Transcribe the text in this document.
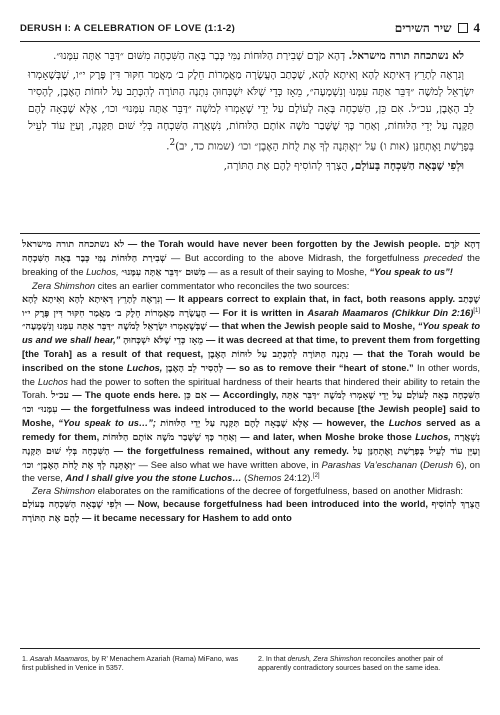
DERUSH I: A CELEBRATION OF LOVE (1:1-2)	שיר השירים 4

לא נשתכחה תורה מישראל. דְהָא קֹדֶם שְׁבִירַת הַלּוּחוֹת נַמִּי כְּבָר בָּאָה הַשִּׁכְחָה מִשּׁוּם ״דַּבֵּר אַתָּה עִמָּנוּ״.

וְנִרְאֶה לְתָרֵץ דְּאִיתָא לְהָא וְאִיתָא לְהָא, שֶׁכָּתַב הָעֲשָׂרָה מַאֲמָרוֹת חֵלֶק ב׳ מַאֲמַר חִקּוּר דִּין פֶּרֶק י״ו, שֶׁבְּשֶׁאָמְרוּ יִשְׂרָאֵל לְמֹשֶׁה ״דַּבֵּר אַתָּה עִמָּנוּ וְנִשְׁמָעָה״, מֵאָז כְּדֵי שֶׁלֹּא יִשְׁכְּחוּהָ נִתְנָה הַתּוֹרָה לְהִכָּתֵב עַל לוּחוֹת הָאֶבֶן, לְהָסִיר לֵב הָאֶבֶן, עכ״ל. אִם כֵּן, הַשִּׁכְחָה בָּאָה לָעוֹלָם עַל יְדֵי שֶׁאָמְרוּ לְמֹשֶׁה ״דַּבֵּר אַתָּה עִמָּנוּ״ וכו׳, אֶלָּא שֶׁבָּאָה לָהֶם תַּקָּנָה עַל יְדֵי הַלּוּחוֹת, וְאַחַר כָּךְ שֶׁשָּׁבַר מֹשֶׁה אוֹתָם הַלּוּחוֹת, נִשְׁאֲרָה הַשִּׁכְחָה בְּלִי שׁוּם תַּקָּנָה, וְעַיֵּן עוֹד לְעֵיל בְּפָרָשַׁת וָאֶתְחַנַּן (אות ו) עַל ״וְאֶתְּנָה לְךָ אֶת לֻחֹת הָאֶבֶן״ וכו׳ (שמות כד, יב)$^2$.

וּלְפִי שֶׁבָּאָה הַשִּׁכְחָה בָּעוֹלָם, הֻצְרַךְ לְהוֹסִיף לָהֶם אֶת הַתּוֹרָה,

לא נשתכחה תורה מישראל — the Torah would have never been forgotten by the Jewish people. דְהָא קֹדֶם שְׁבִירַת הַלּוּחוֹת נַמִּי כְּבָר בָּאָה הַשִּׁכְחָה — But according to the above Midrash, the forgetfulness preceded the breaking of the Luchos, מִשּׁוּם ״דַּבֵּר אַתָּה עִמָּנוּ״ — as a result of their saying to Moshe, “You speak to us”!

Zera Shimshon cites an earlier commentator who reconciles the two sources:

וְנִרְאֶה לְתָרֵץ דְּאִיתָא לְהָא וְאִיתָא לְהָא — It appears correct to explain that, in fact, both reasons apply. שֶׁכָּתַב הָעֲשָׂרָה מַאֲמָרוֹת חֵלֶק ב׳ מַאֲמַר חִקּוּר דִּין פֶּרֶק י״ו — For it is written in Asarah Maamaros (Chikkur Din 2:16)[1] שֶׁבְּשֶׁאָמְרוּ יִשְׂרָאֵל לְמֹשֶׁה ״דַּבֵּר אַתָּה עִמָּנוּ וְנִשְׁמָעָה״ — that when the Jewish people said to Moshe, “You speak to us and we shall hear,” מֵאָז כְּדֵי שֶׁלֹּא יִשְׁכְּחוּהָ — it was decreed at that time, to prevent them from forgetting [the Torah] as a result of that request, נִתְנָה הַתּוֹרָה לְהִכָּתֵב עַל לוּחוֹת הָאֶבֶן — that the Torah would be inscribed on the stone Luchos, לְהָסִיר לֵב הָאֶבֶן — so as to remove their “heart of stone.” In other words, the Luchos had the power to soften the spiritual hardness of their hearts that hindered their ability to retain the Torah. עכ״ל — The quote ends here. אִם כֵּן — Accordingly, הַשִּׁכְחָה בָּאָה לָעוֹלָם עַל יְדֵי שֶׁאָמְרוּ לְמֹשֶׁה ״דַּבֵּר אַתָּה עִמָּנוּ״ וכו׳ — the forgetfulness was indeed introduced to the world because [the Jewish people] said to Moshe, “You speak to us…”; אֶלָּא שֶׁבָּאָה לָהֶם תַּקָּנָה עַל יְדֵי הַלּוּחוֹת — however, the Luchos served as a remedy for them, וְאַחַר כָּךְ שֶׁשָּׁבַר מֹשֶׁה אוֹתָם הַלּוּחוֹת — and later, when Moshe broke those Luchos, נִשְׁאֲרָה הַשִּׁכְחָה בְּלִי שׁוּם תַּקָּנָה — the forgetfulness remained, without any remedy. וְעַיֵּן עוֹד לְעֵיל בְּפָרָשַׁת וָאֶתְחַנַּן עַל ״וְאֶתְּנָה לְךָ אֶת לֻחֹת הָאֶבֶן״ וכו׳ — See also what we have written above, in Parashas Va’eschanan (Derush 6), on the verse, And I shall give you the stone Luchos… (Shemos 24:12).[2]

Zera Shimshon elaborates on the ramifications of the decree of forgetfulness, based on another Midrash:

וּלְפִי שֶׁבָּאָה הַשִּׁכְחָה בָּעוֹלָם — Now, because forgetfulness had been introduced into the world, הֻצְרַךְ לְהוֹסִיף לָהֶם אֶת הַתּוֹרָה — it became necessary for Hashem to add onto

1. Asarah Maamaros, by R’ Menachem Azariah (Rama) MiFano, was first published in Venice in 5357.
2. In that derush, Zera Shimshon reconciles another pair of apparently contradictory sources based on the same idea.
